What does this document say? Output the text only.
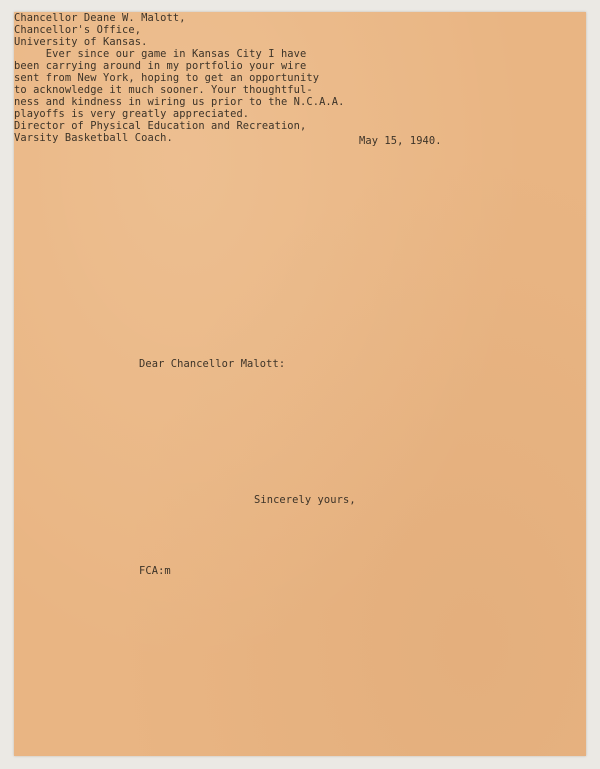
May 15, 1940.
Chancellor Deane W. Malott,
Chancellor's Office,
University of Kansas.
Dear Chancellor Malott:
Ever since our game in Kansas City I have
been carrying around in my portfolio your wire
sent from New York, hoping to get an opportunity
to acknowledge it much sooner. Your thoughtful-
ness and kindness in wiring us prior to the N.C.A.A.
playoffs is very greatly appreciated.
Sincerely yours,
FCA:m
Director of Physical Education and Recreation,
Varsity Basketball Coach.
